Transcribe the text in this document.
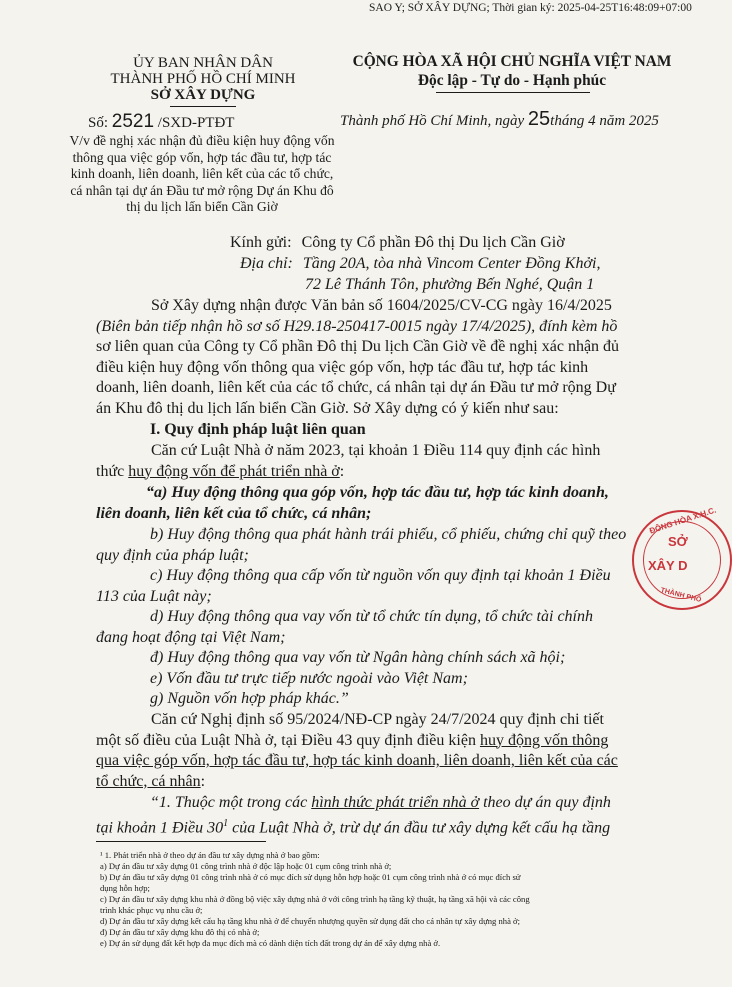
SAO Y; SỞ XÂY DỰNG; Thời gian ký: 2025-04-25T16:48:09+07:00
ỦY BAN NHÂN DÂN
THÀNH PHỐ HỒ CHÍ MINH
SỞ XÂY DỰNG
Số: 2521 /SXD-PTĐT
V/v đề nghị xác nhận đủ điều kiện huy động vốn
thông qua việc góp vốn, hợp tác đầu tư, hợp tác
kinh doanh, liên doanh, liên kết của các tổ chức,
cá nhân tại dự án Đầu tư mở rộng Dự án Khu đô
thị du lịch lấn biển Cần Giờ
CỘNG HÒA XÃ HỘI CHỦ NGHĨA VIỆT NAM
Độc lập - Tự do - Hạnh phúc
Thành phố Hồ Chí Minh, ngày 25tháng 4 năm 2025
Kính gửi: Công ty Cổ phần Đô thị Du lịch Cần Giờ
Địa chỉ: Tầng 20A, tòa nhà Vincom Center Đồng Khởi,
72 Lê Thánh Tôn, phường Bến Nghé, Quận 1
Sở Xây dựng nhận được Văn bản số 1604/2025/CV-CG ngày 16/4/2025
(Biên bản tiếp nhận hồ sơ số H29.18-250417-0015 ngày 17/4/2025), đính kèm hồ
sơ liên quan của Công ty Cổ phần Đô thị Du lịch Cần Giờ về đề nghị xác nhận đủ
điều kiện huy động vốn thông qua việc góp vốn, hợp tác đầu tư, hợp tác kinh
doanh, liên doanh, liên kết của các tổ chức, cá nhân tại dự án Đầu tư mở rộng Dự
án Khu đô thị du lịch lấn biển Cần Giờ. Sở Xây dựng có ý kiến như sau:
I. Quy định pháp luật liên quan
Căn cứ Luật Nhà ở năm 2023, tại khoản 1 Điều 114 quy định các hình
thức huy động vốn để phát triển nhà ở:
“a) Huy động thông qua góp vốn, hợp tác đầu tư, hợp tác kinh doanh,
liên doanh, liên kết của tổ chức, cá nhân;
b) Huy động thông qua phát hành trái phiếu, cổ phiếu, chứng chỉ quỹ theo
quy định của pháp luật;
c) Huy động thông qua cấp vốn từ nguồn vốn quy định tại khoản 1 Điều
113 của Luật này;
d) Huy động thông qua vay vốn từ tổ chức tín dụng, tổ chức tài chính
đang hoạt động tại Việt Nam;
đ) Huy động thông qua vay vốn từ Ngân hàng chính sách xã hội;
e) Vốn đầu tư trực tiếp nước ngoài vào Việt Nam;
g) Nguồn vốn hợp pháp khác.”
Căn cứ Nghị định số 95/2024/NĐ-CP ngày 24/7/2024 quy định chi tiết
một số điều của Luật Nhà ở, tại Điều 43 quy định điều kiện huy động vốn thông
qua việc góp vốn, hợp tác đầu tư, hợp tác kinh doanh, liên doanh, liên kết của các
tổ chức, cá nhân:
“1. Thuộc một trong các hình thức phát triển nhà ở theo dự án quy định
tại khoản 1 Điều $30^1$ của Luật Nhà ở, trừ dự án đầu tư xây dựng kết cấu hạ tầng
¹ 1. Phát triển nhà ở theo dự án đầu tư xây dựng nhà ở bao gồm:
a) Dự án đầu tư xây dựng 01 công trình nhà ở độc lập hoặc 01 cụm công trình nhà ở;
b) Dự án đầu tư xây dựng 01 công trình nhà ở có mục đích sử dụng hỗn hợp hoặc 01 cụm công trình nhà ở có mục đích sử
dụng hỗn hợp;
c) Dự án đầu tư xây dựng khu nhà ở đồng bộ việc xây dựng nhà ở với công trình hạ tầng kỹ thuật, hạ tầng xã hội và các công
trình khác phục vụ nhu cầu ở;
d) Dự án đầu tư xây dựng kết cấu hạ tầng khu nhà ở để chuyển nhượng quyền sử dụng đất cho cá nhân tự xây dựng nhà ở;
đ) Dự án đầu tư xây dựng khu đô thị có nhà ở;
e) Dự án sử dụng đất kết hợp đa mục đích mà có dành diện tích đất trong dự án để xây dựng nhà ở.
ĐÔNG HÒA X.H.C.
SỞ
XÂY D
THÀNH PHỐ
